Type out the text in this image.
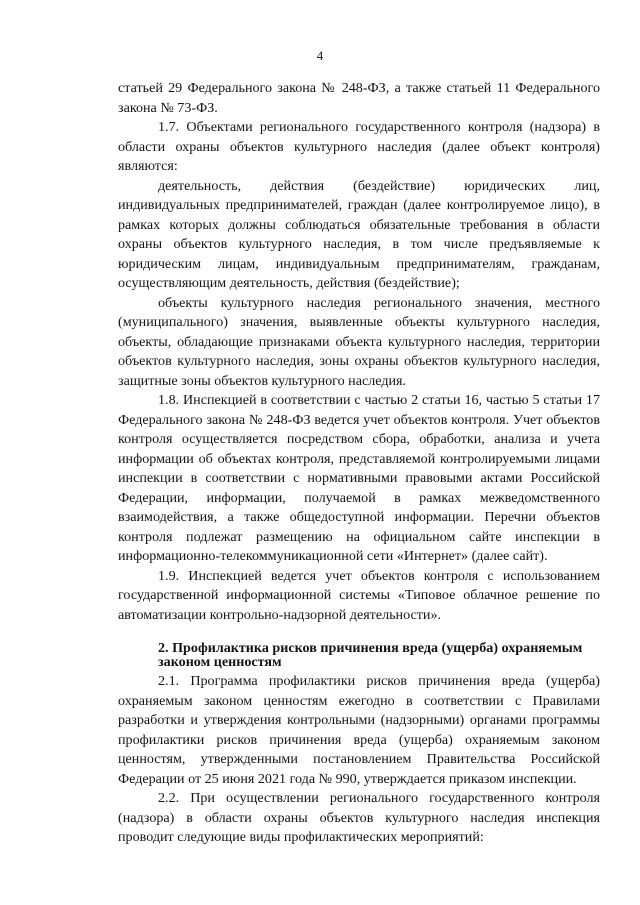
4

статьей 29 Федерального закона № 248-ФЗ, а также статьей 11 Федерального закона № 73-ФЗ.

1.7. Объектами регионального государственного контроля (надзора) в области охраны объектов культурного наследия (далее объект контроля) являются:

деятельность, действия (бездействие) юридических лиц, индивидуальных предпринимателей, граждан (далее контролируемое лицо), в рамках которых должны соблюдаться обязательные требования в области охраны объектов культурного наследия, в том числе предъявляемые к юридическим лицам, индивидуальным предпринимателям, гражданам, осуществляющим деятельность, действия (бездействие);

объекты культурного наследия регионального значения, местного (муниципального) значения, выявленные объекты культурного наследия, объекты, обладающие признаками объекта культурного наследия, территории объектов культурного наследия, зоны охраны объектов культурного наследия, защитные зоны объектов культурного наследия.

1.8. Инспекцией в соответствии с частью 2 статьи 16, частью 5 статьи 17 Федерального закона № 248-ФЗ ведется учет объектов контроля. Учет объектов контроля осуществляется посредством сбора, обработки, анализа и учета информации об объектах контроля, представляемой контролируемыми лицами инспекции в соответствии с нормативными правовыми актами Российской Федерации, информации, получаемой в рамках межведомственного взаимодействия, а также общедоступной информации. Перечни объектов контроля подлежат размещению на официальном сайте инспекции в информационно-телекоммуникационной сети «Интернет» (далее сайт).

1.9. Инспекцией ведется учет объектов контроля с использованием государственной информационной системы «Типовое облачное решение по автоматизации контрольно-надзорной деятельности».

2. Профилактика рисков причинения вреда (ущерба) охраняемым законом ценностям

2.1. Программа профилактики рисков причинения вреда (ущерба) охраняемым законом ценностям ежегодно в соответствии с Правилами разработки и утверждения контрольными (надзорными) органами программы профилактики рисков причинения вреда (ущерба) охраняемым законом ценностям, утвержденными постановлением Правительства Российской Федерации от 25 июня 2021 года № 990, утверждается приказом инспекции.

2.2. При осуществлении регионального государственного контроля (надзора) в области охраны объектов культурного наследия инспекция проводит следующие виды профилактических мероприятий:
